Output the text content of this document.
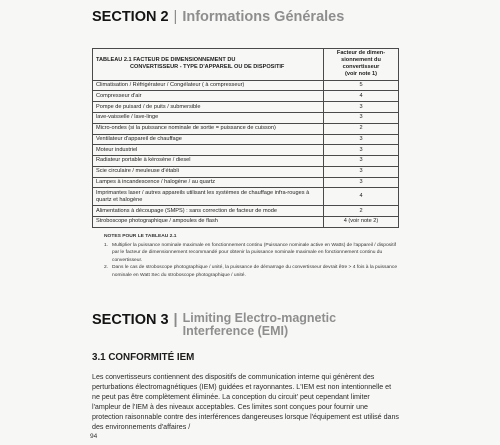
SECTION 2 | Informations Générales
TABLEAU 2.1 FACTEUR DE DIMENSIONNEMENT DU
CONVERTISSEUR - TYPE D'APPAREIL OU DE DISPOSITIF	Facteur de dimen-
sionnement du
convertisseur
(voir note 1)

Climatisation / Réfrigérateur / Congélateur ( à compresseur)	5
Compresseur d'air	4
Pompe de puisard / de puits / submersible	3
lave-vaisselle / lave-linge	3
Micro-ondes (si la puissance nominale de sortie = puissance de cuisson)	2
Ventilateur d'appareil de chauffage	3
Moteur industriel	3
Radiateur portable à kérosène / diesel	3
Scie circulaire / meuleuse d'établi	3
Lampes à incandescence / halogène / au quartz	3
Imprimantes laser / autres appareils utilisant les systèmes de chauffage infra-rouges à quartz et halogène	4
Alimentations à découpage (SMPS) : sans correction de facteur de mode	2
Stroboscope photographique / ampoules de flash	4 (voir note 2)
NOTES POUR LE TABLEAU 2.1
1. Multiplier la puissance nominale maximale en fonctionnement continu (Puissance nominale active en Watts) de l'appareil / dispositif par le facteur de dimensionnement recommandé pour obtenir la puissance nominale maximale en fonctionnement continu du convertisseur.
2. Dans le cas de stroboscope photographique / unité, la puissance de démarrage du convertisseur devrait être > 4 fois à la puissance nominale en Watt Sec du stroboscope photographique / unité.
SECTION 3 | Limiting Electro-magnetic Interference (EMI)
3.1 CONFORMITÉ IEM
Les convertisseurs contiennent des dispositifs de communication interne qui génèrent des perturbations électromagnétiques (IEM) guidées et rayonnantes. L'IEM est non intentionnelle et ne peut pas être complètement éliminée. La conception du circuit' peut cependant limiter l'ampleur de l'IEM à des niveaux acceptables. Ces limites sont conçues pour fournir une protection raisonnable contre des interférences dangereuses lorsque l'équipement est utilisé dans des environnements d'affaires /
94
